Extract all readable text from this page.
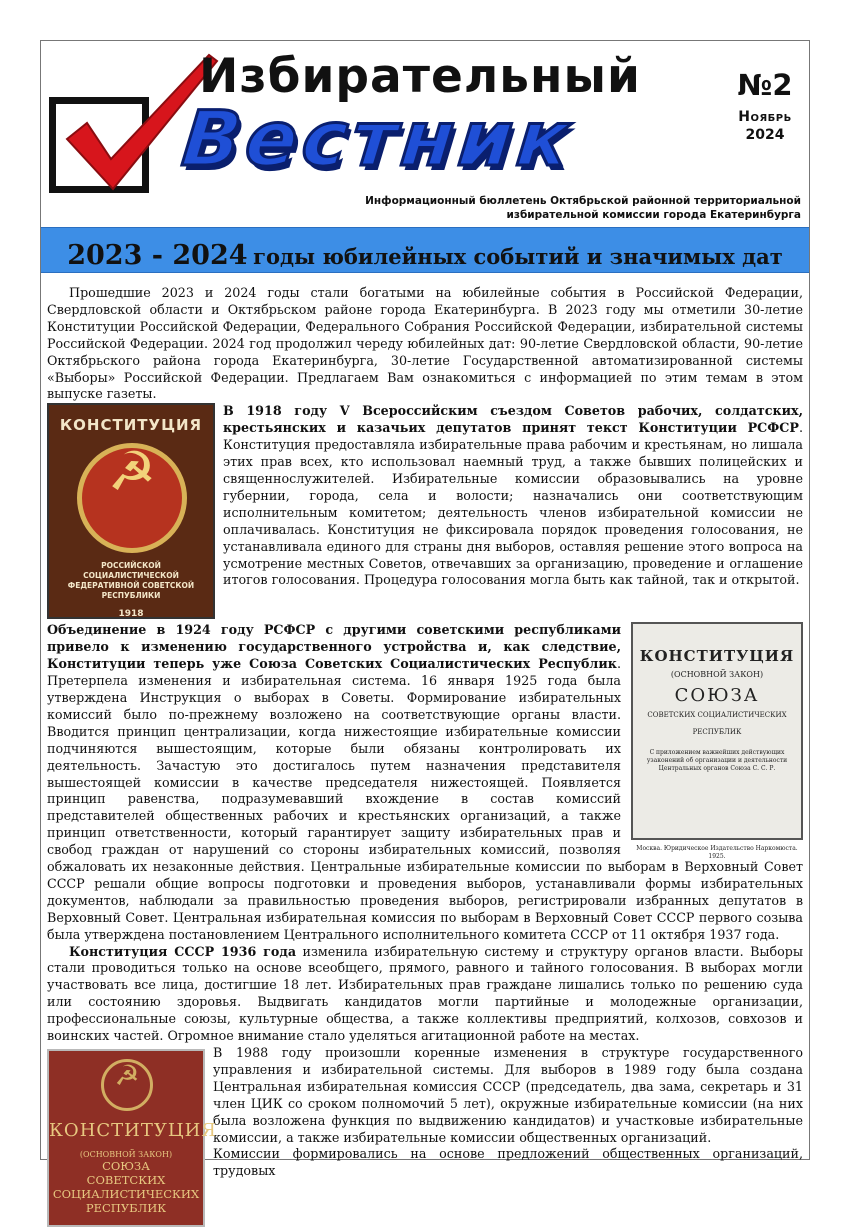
Избирательный
Вестник
№2
Ноябрь
2024
Информационный бюллетень Октябрьской районной территориальной
избирательной комиссии города Екатеринбурга
2023 - 2024 годы юбилейных событий и значимых дат

Прошедшие 2023 и 2024 годы стали богатыми на юбилейные события в Российской Федерации, Свердловской области и Октябрьском районе города Екатеринбурга. В 2023 году мы отметили 30-летие Конституции Российской Федерации, Федерального Собрания Российской Федерации, избирательной системы Российской Федерации. 2024 год продолжил череду юбилейных дат: 90-летие Свердловской области, 90-летие Октябрьского района города Екатеринбурга, 30-летие Государственной автоматизированной системы «Выборы» Российской Федерации. Предлагаем Вам ознакомиться с информацией по этим темам в этом выпуске газеты.

КОНСТИТУЦИЯ
☭
РОССИЙСКОЙ СОЦИАЛИСТИЧЕСКОЙ ФЕДЕРАТИВНОЙ СОВЕТСКОЙ РЕСПУБЛИКИ
1918

В 1918 году V Всероссийским съездом Советов рабочих, солдатских, крестьянских и казачьих депутатов принят текст Конституции РСФСР. Конституция предоставляла избирательные права рабочим и крестьянам, но лишала этих прав всех, кто использовал наемный труд, а также бывших полицейских и священнослужителей. Избирательные комиссии образовывались на уровне губернии, города, села и волости; назначались они соответствующим исполнительным комитетом; деятельность членов избирательной комиссии не оплачивалась. Конституция не фиксировала порядок проведения голосования, не устанавливала единого для страны дня выборов, оставляя решение этого вопроса на усмотрение местных Советов, отвечавших за организацию, проведение и оглашение итогов голосования. Процедура голосования могла быть как тайной, так и открытой.

КОНСТИТУЦИЯ
(ОСНОВНОЙ ЗАКОН)
СОЮЗА
СОВЕТСКИХ СОЦИАЛИСТИЧЕСКИХ РЕСПУБЛИК
С приложением важнейших действующих узаконений об организации и деятельности Центральных органов Союза С. С. Р.
Москва. Юридическое Издательство Наркомюста. 1925.

Объединение в 1924 году РСФСР с другими советскими республиками привело к изменению государственного устройства и, как следствие, Конституции теперь уже Союза Советских Социалистических Республик. Претерпела изменения и избирательная система. 16 января 1925 года была утверждена Инструкция о выборах в Советы. Формирование избирательных комиссий было по-прежнему возложено на соответствующие органы власти. Вводится принцип централизации, когда нижестоящие избирательные комиссии подчиняются вышестоящим, которые были обязаны контролировать их деятельность. Зачастую это достигалось путем назначения представителя вышестоящей комиссии в качестве председателя нижестоящей. Появляется принцип равенства, подразумевавший вхождение в состав комиссий представителей общественных рабочих и крестьянских организаций, а также принцип ответственности, который гарантирует защиту избирательных прав и свобод граждан от нарушений со стороны избирательных комиссий, позволяя обжаловать их незаконные действия. Центральные избирательные комиссии по выборам в Верховный Совет СССР решали общие вопросы подготовки и проведения выборов, устанавливали формы избирательных документов, наблюдали за правильностью проведения выборов, регистрировали избранных депутатов в Верховный Совет. Центральная избирательная комиссия по выборам в Верховный Совет СССР первого созыва была утверждена постановлением Центрального исполнительного комитета СССР от 11 октября 1937 года.

Конституция СССР 1936 года изменила избирательную систему и структуру органов власти. Выборы стали проводиться только на основе всеобщего, прямого, равного и тайного голосования. В выборах могли участвовать все лица, достигшие 18 лет. Избирательных прав граждане лишались только по решению суда или состоянию здоровья. Выдвигать кандидатов могли партийные и молодежные организации, профессиональные союзы, культурные общества, а также коллективы предприятий, колхозов, совхозов и воинских частей. Огромное внимание стало уделяться агитационной работе на местах.

☭
КОНСТИТУЦИЯ
(ОСНОВНОЙ ЗАКОН)
СОЮЗА
СОВЕТСКИХ
СОЦИАЛИСТИЧЕСКИХ
РЕСПУБЛИК

В 1988 году произошли коренные изменения в структуре государственного управления и избирательной системы. Для выборов в 1989 году была создана Центральная избирательная комиссия СССР (председатель, два зама, секретарь и 31 член ЦИК со сроком полномочий 5 лет), окружные избирательные комиссии (на них была возложена функция по выдвижению кандидатов) и участковые избирательные комиссии, а также избирательные комиссии общественных организаций.

Комиссии формировались на основе предложений общественных организаций, трудовых
